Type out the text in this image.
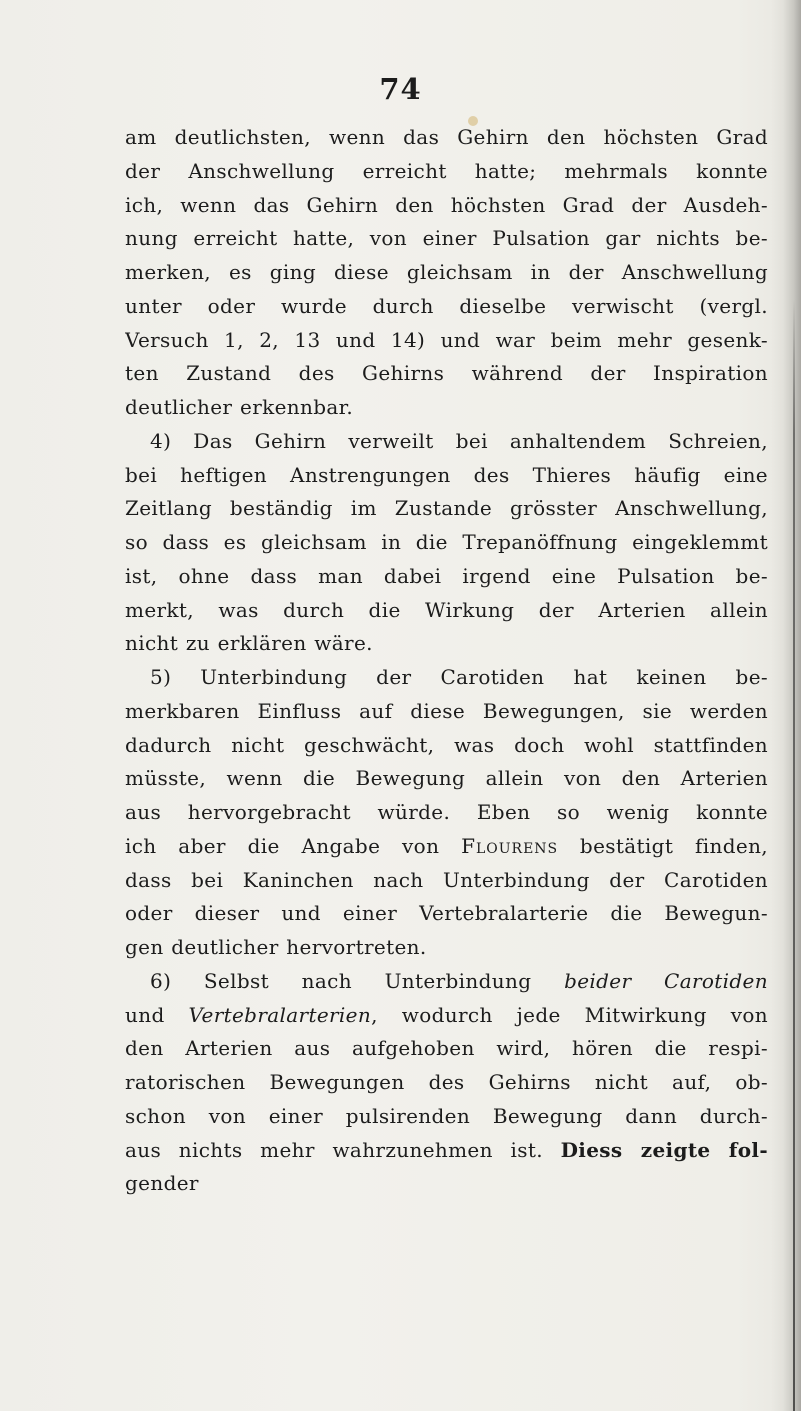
74
am deutlichsten, wenn das Gehirn den höchsten Grad
der Anschwellung erreicht hatte; mehrmals konnte
ich, wenn das Gehirn den höchsten Grad der Ausdeh-
nung erreicht hatte, von einer Pulsation gar nichts be-
merken, es ging diese gleichsam in der Anschwellung
unter oder wurde durch dieselbe verwischt (vergl.
Versuch 1, 2, 13 und 14) und war beim mehr gesenk-
ten Zustand des Gehirns während der Inspiration
deutlicher erkennbar.
4) Das Gehirn verweilt bei anhaltendem Schreien,
bei heftigen Anstrengungen des Thieres häufig eine
Zeitlang beständig im Zustande grösster Anschwellung,
so dass es gleichsam in die Trepanöffnung eingeklemmt
ist, ohne dass man dabei irgend eine Pulsation be-
merkt, was durch die Wirkung der Arterien allein
nicht zu erklären wäre.
5) Unterbindung der Carotiden hat keinen be-
merkbaren Einfluss auf diese Bewegungen, sie werden
dadurch nicht geschwächt, was doch wohl stattfinden
müsste, wenn die Bewegung allein von den Arterien
aus hervorgebracht würde. Eben so wenig konnte
ich aber die Angabe von Flourens bestätigt finden,
dass bei Kaninchen nach Unterbindung der Carotiden
oder dieser und einer Vertebralarterie die Bewegun-
gen deutlicher hervortreten.
6) Selbst nach Unterbindung beider Carotiden
und Vertebralarterien, wodurch jede Mitwirkung von
den Arterien aus aufgehoben wird, hören die respi-
ratorischen Bewegungen des Gehirns nicht auf, ob-
schon von einer pulsirenden Bewegung dann durch-
aus nichts mehr wahrzunehmen ist. Diess zeigte fol-
gender
